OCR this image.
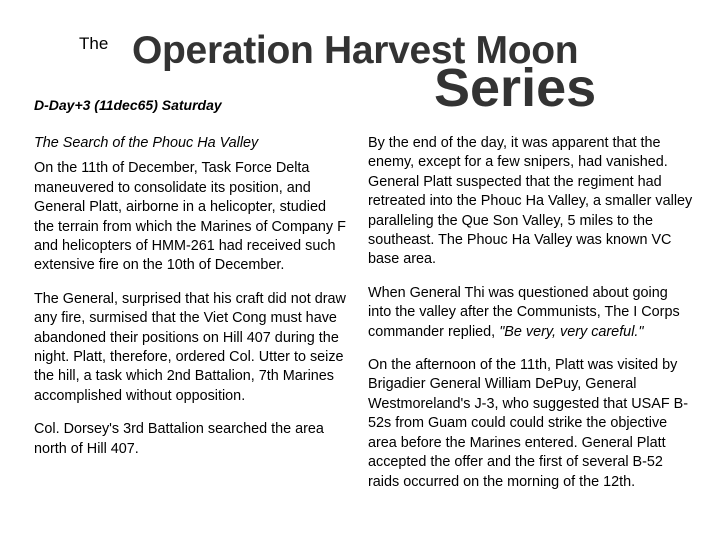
The Operation Harvest Moon
Series
D-Day+3 (11dec65) Saturday

The Search of the Phouc Ha Valley

On the 11th of December, Task Force Delta maneuvered to consolidate its position, and General Platt, airborne in a helicopter, studied the terrain from which the Marines of Company F and helicopters of HMM-261 had received such extensive fire on the 10th of December.

The General, surprised that his craft did not draw any fire, surmised that the Viet Cong must have abandoned their positions on Hill 407 during the night. Platt, therefore, ordered Col. Utter to seize the hill, a task which 2nd Battalion, 7th Marines accomplished without opposition.

Col. Dorsey's 3rd Battalion searched the area north of Hill 407.

By the end of the day, it was apparent that the enemy, except for a few snipers, had vanished. General Platt suspected that the regiment had retreated into the Phouc Ha Valley, a smaller valley paralleling the Que Son Valley, 5 miles to the southeast. The Phouc Ha Valley was known VC base area.

When General Thi was questioned about going into the valley after the Communists, The I Corps commander replied, "Be very, very careful."

On the afternoon of the 11th, Platt was visited by Brigadier General William DePuy, General Westmoreland's J-3, who suggested that USAF B-52s from Guam could could strike the objective area before the Marines entered. General Platt accepted the offer and the first of several B-52 raids occurred on the morning of the 12th.
